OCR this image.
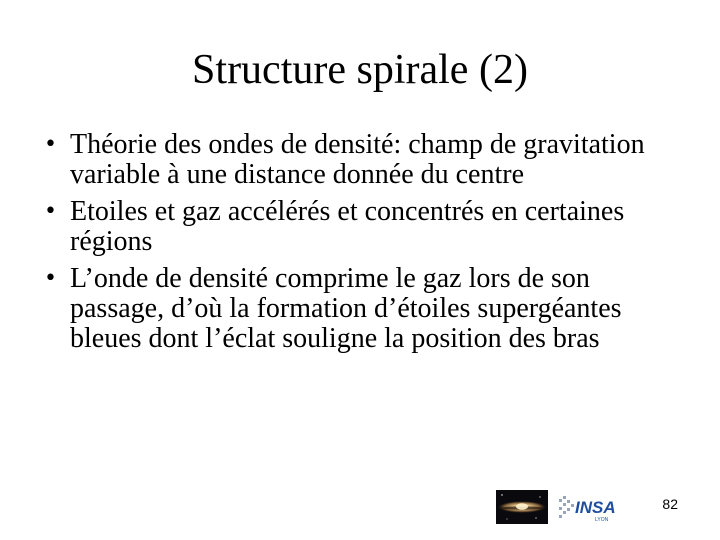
Structure spirale (2)
• Théorie des ondes de densité: champ de gravitation variable à une distance donnée du centre
• Etoiles et gaz accélérés et concentrés en certaines régions
• L’onde de densité comprime le gaz lors de son passage, d’où la formation d’étoiles supergéantes bleues dont l’éclat souligne la position des bras
INSA
LYON
82
